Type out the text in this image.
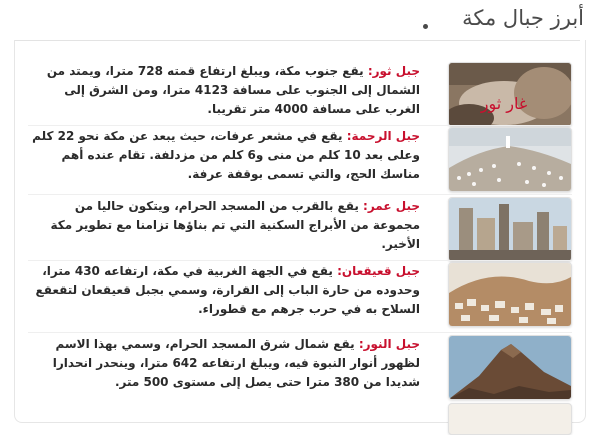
أبرز جبال مكة
جبل ثور: يقع جنوب مكة، ويبلغ ارتفاع قمته 728 مترا، ويمتد من الشمال إلى الجنوب على مسافة 4123 مترا، ومن الشرق إلى الغرب على مسافة 4000 متر تقريبا.	غار ثور
جبل الرحمة: يقع في مشعر عرفات، حيث يبعد عن مكة نحو 22 كلم وعلى بعد 10 كلم من منى و6 كلم من مزدلفة. تقام عنده أهم مناسك الحج، والتي تسمى بوقفة عرفة.
جبل عمر: يقع بالقرب من المسجد الحرام، ويتكون حاليا من مجموعة من الأبراج السكنية التي تم بناؤها تزامنا مع تطوير مكة الأخير.
جبل قعيقعان: يقع في الجهة الغربية في مكة، ارتفاعه 430 مترا، وحدوده من حارة الباب إلى القرارة، وسمي بجبل قعيقعان لتقعقع السلاح به في حرب جرهم مع قطوراء.
جبل النور: يقع شمال شرق المسجد الحرام، وسمي بهذا الاسم لظهور أنوار النبوة فيه، ويبلغ ارتفاعه 642 مترا، وينحدر انحدارا شديدا من 380 مترا حتى يصل إلى مستوى 500 متر.
